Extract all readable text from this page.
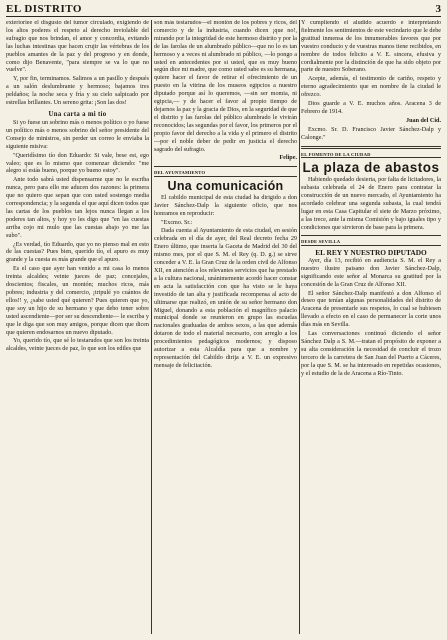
EL DISTRITO	3

exterioriee el disgusto del tumor circulado, exigiendo de los altos poderes el respeto al derecho inviolable del sufragio que nos brindan, el amor y concordia, evitando las luchas intestinas que hacen crujir las vértebras de los pueblos amantes de la paz y del progreso y en donde, como dijo Benavente, "para siempre se va lo que no vuelve".

Y, por fin, terminamos. Salimos a un pasillo y después a un salón deslumbrante y hermoso; bajamos tres peldaños; la noche seca y fría y su cielo salpicado por estrellas brillantes. Un sereno grita: ¡Son las dos!

Una carta a mi tío

Si yo fuese un sobrino más o menos político o yo fuese un político más o menos sobrino del señor presidente del Consejo de ministros, sin perder un correo le enviaba la siguiente misiva:

"Queridísimo tío don Eduardo: Si vale, bese est, ego valeo; que es lo mismo que comenzar diciendo: "me alegro sí estás bueno, porque yo bueno estoy".

Ante todo sabrá usted dispensarme que no le escriba nunca, pero para ello me aducen dos razones: la primera que no quiero que sepan que con usted sostengo media correspondencia; y la segunda el que aquí dicen todos que las cartas de los pueblos tan lejos nunca llegan a los poderes tan altos, y hoy yo les digo que "en las cuestas arriba cojo mi mulo que las cuestas abajo yo me las subo".

¿Es verdad, tío Eduardo, que yo no pienso mal en esto de las cuestas? Pues bien, querido tío, el apuro es muy grande y la cuesta es más grande que el apuro.

Es el caso que ayer han venido a mi casa lo menos treinta alcaldes; veinte jueces de paz; concejales, doscientos; fiscales, un montón; muchos ricos, más pobres; industria y del comercio, ¡tripulé yo cuántos de ellos!! y, ¿sabe usted qué quieren? Pues quieren que yo, que soy un hijo de su hermano y que debo tener sobre usted ascendiente—por ser su descendiente— le escriba y que le diga que son muy amigos, porque dicen que dicen que quieren endosarnos un nuevo diputado.

Yo, querido tío, que sé lo testarudos que son los treinta alcaldes, veinte jueces de paz, lo que son los ediles que

son más testarudos—el montón de los pobres y ricos, del comercio y de la industria, cuando dicen ¡que no!, mirando por la integridad de este hermoso distrito y por la de las farolas de un alumbrado público—que no lo es tan hermoso y a veces ni alumbrado ni público, —lo pongo a usted en antecedentes por si usted, que es muy bueno según dice mi madre, que como usted sabe es su hermana, quiere hacer el favor de retirar el ofrecimiento de un puesto en la vitrina de los museos egipcios a nuestro diputado porque así lo queremos, —sin ser momia, ni egipcia,— y de hacer el favor al propio tiempo de dejarnos la paz y la gracia de Dios, en la seguridad de que el distrito y las farolas del público alumbrado le vivirán reconocidos; las segundas por el favor, los primeros por el propio favor del derecho a la vida y el primero el distrito—por el noble deber de pedir en justicia el derecho sagrado del sufragio.

Felipe.

DEL AYUNTAMIENTO
Una comunicación

El cabildo municipal de esta ciudad ha dirigido a don Javier Sánchez-Dalp la siguiente oficio, que nos honramos en reproducir:

"Excmo. Sr.:

Dada cuenta al Ayuntamiento de esta ciudad, en sesión celebrada en el día de ayer, del Real decreto fecha 29 Enero último, que inserta la Gaceta de Madrid del 30 del mismo mes, por el que S. M. el Rey (q. D. g.) se sirve conceder a V. E. la Gran Cruz de la orden civil de Alfonso XII, en atención a los relevantes servicios que ha prestado a la cultura nacional, unánimemente acordó hacer constar en acta la satisfacción con que ha visto se le haya investido de tan alta y justificada recompensa al acto de ultimarse que realizó, en unión de su señor hermano don Miguel, donando a esta población el magnífico palacio municipal donde se reunieron en grupo las escuelas nacionales graduadas de ambos sexos, a las que además dotaron de todo el material necesario, con arreglo a los procedimientos pedagógicos modernos; y disposo autorizar a esta Alcaldía para que a nombre y representación del Cabildo dirija a V. E. un expresivo mensaje de felicitación.

Y cumpliendo el aludido acuerdo e interpretando fielmente los sentimientos de este vecindario que le debe gratitud inmensa de los innumerables favores que por vuestro conducto y de vuestras manos tiene recibidos, en nombre de todos felicito a V. E. sincera, efusiva y cordialmente por la distinción de que ha sido objeto por parte de nuestro Soberano.

Acepte, además, el testimonio de cariño, respeto y eterno agradecimiento que en nombre de la ciudad le ofrezco.

Dios guarde a V. E. muchos años. Aracena 3 de Febrero de 1914.

Juan del Cid.

Excmo. Sr. D. Francisco Javier Sánchez-Dalp y Calonge."

EL FOMENTO DE LA CIUDAD
La plaza de abastos

Habiendo quedado desierta, por falta de licitadores, la subasta celebrada el 24 de Enero para contratar la construcción de un nuevo mercado, el Ayuntamiento ha acordado celebrar una segunda subasta, la cual tendrá lugar en esta Casa Capitular el siete de Marzo próximo, a las trece, ante la misma Comisión y bajo iguales tipo y condiciones que sirvieron de base para la primera.

DESDE SEVILLA
EL REY Y NUESTRO DIPUTADO

Ayer, día 13, recibió en audiencia S. M. el Rey a nuestro ilustre paisano don Javier Sánchez-Dalp, significando este señor al Monarca su gratitud por la concesión de la Gran Cruz de Alfonso XII.

El señor Sánchez-Dalp manifestó a don Alfonso el deseo que tenían algunas personalidades del distrito de Aracena de presentarle sus respetos, lo cual se hubiesen llevado a efecto en el caso de permanecer la corte unos días más en Sevilla.

Las conversaciones continuó diciendo el señor Sánchez Dalp a S. M.—tratan el propósito de exponer a su alta consideración la necesidad de concluir el trozo tercero de la carretera de San Juan del Puerto a Cáceres, por la que S. M. se ha interesado en repetidas ocasiones, y el estudio de la de Aracena a Río-Tinto.
